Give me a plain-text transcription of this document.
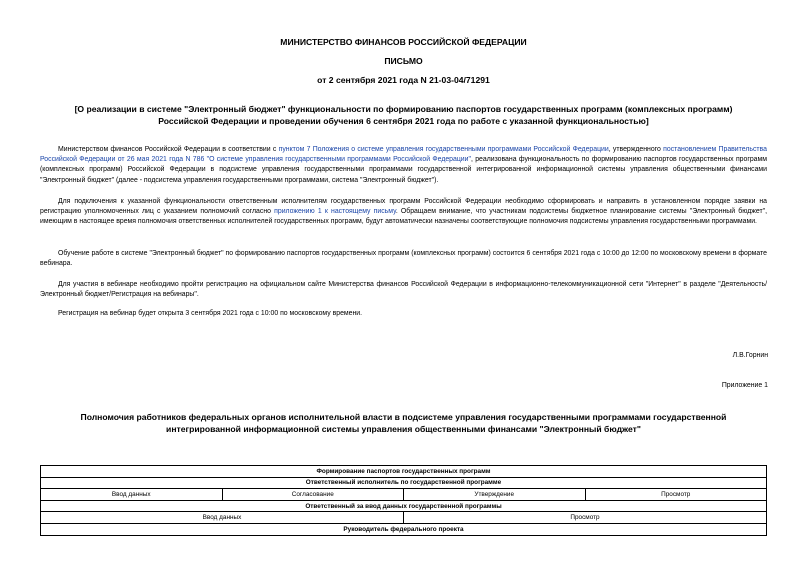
МИНИСТЕРСТВО ФИНАНСОВ РОССИЙСКОЙ ФЕДЕРАЦИИ
ПИСЬМО
от 2 сентября 2021 года N 21-03-04/71291
[О реализации в системе "Электронный бюджет" функциональности по формированию паспортов государственных программ (комплексных программ)
Российской Федерации и проведении обучения 6 сентября 2021 года по работе с указанной функциональностью]
Министерством финансов Российской Федерации в соответствии с пунктом 7 Положения о системе управления государственными программами Российской Федерации, утвержденного постановлением Правительства Российской Федерации от 26 мая 2021 года N 786 "О системе управления государственными программами Российской Федерации", реализована функциональность по формированию паспортов государственных программ (комплексных программ) Российской Федерации в подсистеме управления государственными программами государственной интегрированной информационной системы управления общественными финансами "Электронный бюджет" (далее - подсистема управления государственными программами, система "Электронный бюджет").
Для подключения к указанной функциональности ответственным исполнителям государственных программ Российской Федерации необходимо сформировать и направить в установленном порядке заявки на регистрацию уполномоченных лиц с указанием полномочий согласно приложению 1 к настоящему письму. Обращаем внимание, что участникам подсистемы бюджетное планирование системы "Электронный бюджет", имеющим в настоящее время полномочия ответственных исполнителей государственных программ, будут автоматически назначены соответствующие полномочия подсистемы управления государственными программами.
Обучение работе в системе "Электронный бюджет" по формированию паспортов государственных программ (комплексных программ) состоится 6 сентября 2021 года с 10:00 до 12:00 по московскому времени в формате вебинара.
Для участия в вебинаре необходимо пройти регистрацию на официальном сайте Министерства финансов Российской Федерации в информационно-телекоммуникационной сети "Интернет" в разделе "Деятельность/Электронный бюджет/Регистрация на вебинары".
Регистрация на вебинар будет открыта 3 сентября 2021 года с 10:00 по московскому времени.
Л.В.Горнин
Приложение 1
Полномочия работников федеральных органов исполнительной власти в подсистеме управления государственными программами государственной
интегрированной информационной системы управления общественными финансами "Электронный бюджет"
Формирование паспортов государственных программ			
Ответственный исполнитель по государственной программе			
Ввод данных	Согласование	Утверждение	Просмотр
Ответственный за ввод данных государственной программы			
Ввод данных		Просмотр	
Руководитель федерального проекта			
